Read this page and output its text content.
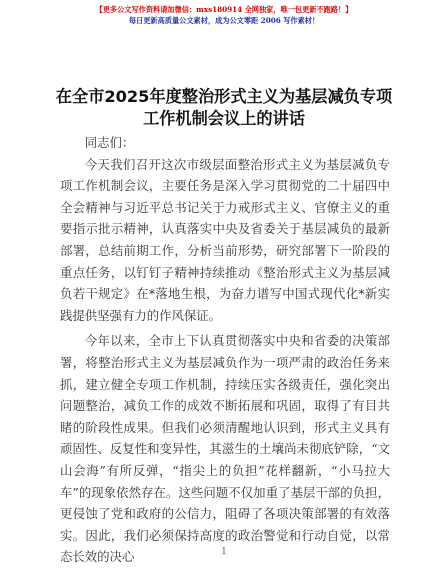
【更多公文写作资料请加微信：mxs180914 全网独家，唯一包更新不跑路！】
每日更新高质量公文素材，成为公文零距 2006 写作素材！
在全市2025年度整治形式主义为基层减负专项
工作机制会议上的讲话

同志们：

今天我们召开这次市级层面整治形式主义为基层减负专项工作机制会议，主要任务是深入学习贯彻党的二十届四中全会精神与习近平总书记关于力戒形式主义、官僚主义的重要指示批示精神，认真落实中央及省委关于基层减负的最新部署，总结前期工作，分析当前形势，研究部署下一阶段的重点任务，以钉钉子精神持续推动《整治形式主义为基层减负若干规定》在*落地生根，为奋力谱写中国式现代化*新实践提供坚强有力的作风保证。

今年以来，全市上下认真贯彻落实中央和省委的决策部署，将整治形式主义为基层减负作为一项严肃的政治任务来抓，建立健全专项工作机制，持续压实各级责任，强化突出问题整治，减负工作的成效不断拓展和巩固，取得了有目共睹的阶段性成果。但我们必须清醒地认识到，形式主义具有顽固性、反复性和变异性，其滋生的土壤尚未彻底铲除，“文山会海”有所反弹，“指尖上的负担”花样翻新，“小马拉大车”的现象依然存在。这些问题不仅加重了基层干部的负担，更侵蚀了党和政府的公信力，阻碍了各项决策部署的有效落实。因此，我们必须保持高度的政治警觉和行动自觉，以常态长效的决心	1
